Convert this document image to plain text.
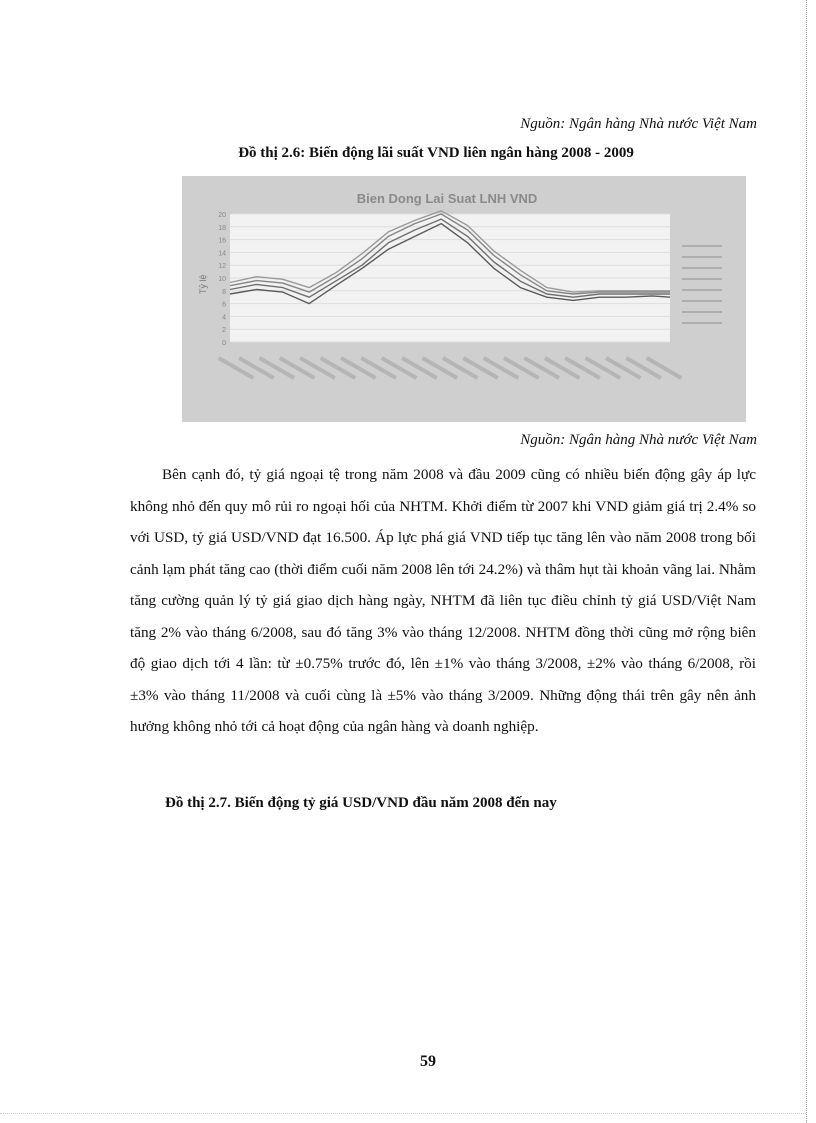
Nguồn: Ngân hàng Nhà nước Việt Nam
Đồ thị 2.6: Biến động lãi suất VND liên ngân hàng 2008 - 2009
0
2
4
6
8
10
12
14
16
18
20
Bien Dong Lai Suat LNH VND
Tỷ lệ
Nguồn: Ngân hàng Nhà nước Việt Nam

Bên cạnh đó, tỷ giá ngoại tệ trong năm 2008 và đầu 2009 cũng có nhiều biến động gây áp lực không nhỏ đến quy mô rủi ro ngoại hối của NHTM. Khởi điểm từ 2007 khi VND giảm giá trị 2.4% so với USD, tỷ giá USD/VND đạt 16.500. Áp lực phá giá VND tiếp tục tăng lên vào năm 2008 trong bối cảnh lạm phát tăng cao (thời điểm cuối năm 2008 lên tới 24.2%) và thâm hụt tài khoản vãng lai. Nhằm tăng cường quản lý tỷ giá giao dịch hàng ngày, NHTM đã liên tục điều chỉnh tỷ giá USD/Việt Nam tăng 2% vào tháng 6/2008, sau đó tăng 3% vào tháng 12/2008. NHTM đồng thời cũng mở rộng biên độ giao dịch tới 4 lần: từ ±0.75% trước đó, lên ±1% vào tháng 3/2008, ±2% vào tháng 6/2008, rồi ±3% vào tháng 11/2008 và cuối cùng là ±5% vào tháng 3/2009. Những động thái trên gây nên ảnh hưởng không nhỏ tới cả hoạt động của ngân hàng và doanh nghiệp.

Đồ thị 2.7. Biến động tỷ giá USD/VND đầu năm 2008 đến nay
59
